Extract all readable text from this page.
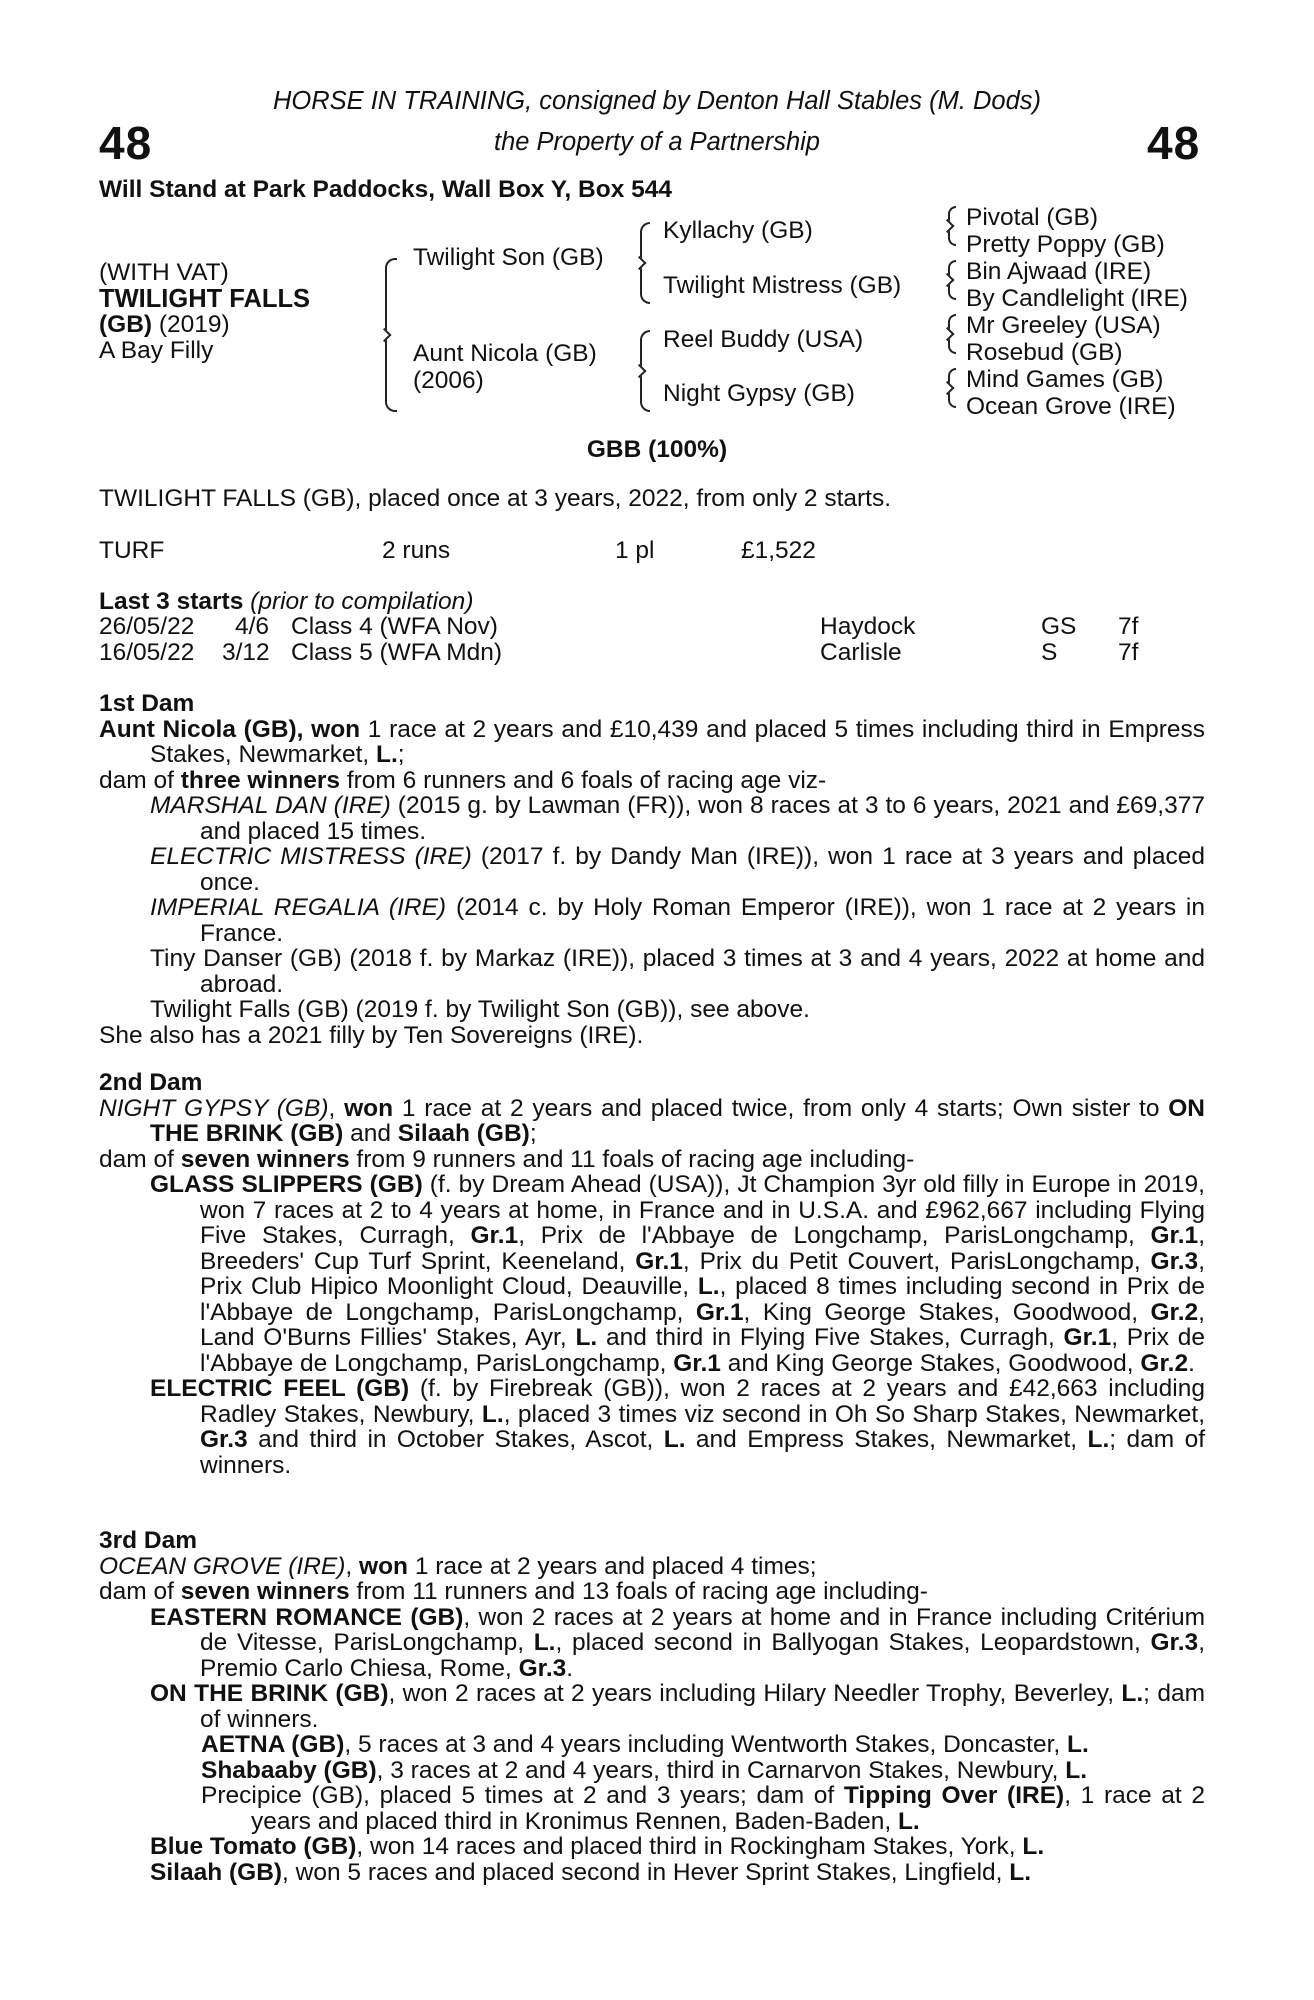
48	48
HORSE IN TRAINING, consigned by Denton Hall Stables (M. Dods)
the Property of a Partnership
Will Stand at Park Paddocks, Wall Box Y, Box 544
(WITH VAT)
TWILIGHT FALLS
(GB) (2019)
A Bay Filly
Twilight Son (GB)
Aunt Nicola (GB)
(2006)
Kyllachy (GB)
Twilight Mistress (GB)
Reel Buddy (USA)
Night Gypsy (GB)
Pivotal (GB)
Pretty Poppy (GB)
Bin Ajwaad (IRE)
By Candlelight (IRE)
Mr Greeley (USA)
Rosebud (GB)
Mind Games (GB)
Ocean Grove (IRE)
GBB (100%)
TWILIGHT FALLS (GB), placed once at 3 years, 2022, from only 2 starts.
TURF	2 runs	1 pl	£1,522
Last 3 starts (prior to compilation)
26/05/22 4/6 Class 4 (WFA Nov)	Haydock	GS 7f
16/05/22 3/12 Class 5 (WFA Mdn)	Carlisle	S 7f

1st Dam

Aunt Nicola (GB), won 1 race at 2 years and £10,439 and placed 5 times including third in Empress Stakes, Newmarket, L.;

dam of three winners from 6 runners and 6 foals of racing age viz-

MARSHAL DAN (IRE) (2015 g. by Lawman (FR)), won 8 races at 3 to 6 years, 2021 and £69,377 and placed 15 times.

ELECTRIC MISTRESS (IRE) (2017 f. by Dandy Man (IRE)), won 1 race at 3 years and placed once.

IMPERIAL REGALIA (IRE) (2014 c. by Holy Roman Emperor (IRE)), won 1 race at 2 years in France.

Tiny Danser (GB) (2018 f. by Markaz (IRE)), placed 3 times at 3 and 4 years, 2022 at home and abroad.

Twilight Falls (GB) (2019 f. by Twilight Son (GB)), see above.

She also has a 2021 filly by Ten Sovereigns (IRE).

2nd Dam

NIGHT GYPSY (GB), won 1 race at 2 years and placed twice, from only 4 starts; Own sister to ON THE BRINK (GB) and Silaah (GB);

dam of seven winners from 9 runners and 11 foals of racing age including-

GLASS SLIPPERS (GB) (f. by Dream Ahead (USA)), Jt Champion 3yr old filly in Europe in 2019, won 7 races at 2 to 4 years at home, in France and in U.S.A. and £962,667 including Flying Five Stakes, Curragh, Gr.1, Prix de l'Abbaye de Longchamp, ParisLongchamp, Gr.1, Breeders' Cup Turf Sprint, Keeneland, Gr.1, Prix du Petit Couvert, ParisLongchamp, Gr.3, Prix Club Hipico Moonlight Cloud, Deauville, L., placed 8 times including second in Prix de l'Abbaye de Longchamp, ParisLongchamp, Gr.1, King George Stakes, Goodwood, Gr.2, Land O'Burns Fillies' Stakes, Ayr, L. and third in Flying Five Stakes, Curragh, Gr.1, Prix de l'Abbaye de Longchamp, ParisLongchamp, Gr.1 and King George Stakes, Goodwood, Gr.2.

ELECTRIC FEEL (GB) (f. by Firebreak (GB)), won 2 races at 2 years and £42,663 including Radley Stakes, Newbury, L., placed 3 times viz second in Oh So Sharp Stakes, Newmarket, Gr.3 and third in October Stakes, Ascot, L. and Empress Stakes, Newmarket, L.; dam of winners.

3rd Dam

OCEAN GROVE (IRE), won 1 race at 2 years and placed 4 times;

dam of seven winners from 11 runners and 13 foals of racing age including-

EASTERN ROMANCE (GB), won 2 races at 2 years at home and in France including Critérium de Vitesse, ParisLongchamp, L., placed second in Ballyogan Stakes, Leopardstown, Gr.3, Premio Carlo Chiesa, Rome, Gr.3.

ON THE BRINK (GB), won 2 races at 2 years including Hilary Needler Trophy, Beverley, L.; dam of winners.

AETNA (GB), 5 races at 3 and 4 years including Wentworth Stakes, Doncaster, L.

Shabaaby (GB), 3 races at 2 and 4 years, third in Carnarvon Stakes, Newbury, L.

Precipice (GB), placed 5 times at 2 and 3 years; dam of Tipping Over (IRE), 1 race at 2 years and placed third in Kronimus Rennen, Baden-Baden, L.

Blue Tomato (GB), won 14 races and placed third in Rockingham Stakes, York, L.

Silaah (GB), won 5 races and placed second in Hever Sprint Stakes, Lingfield, L.
